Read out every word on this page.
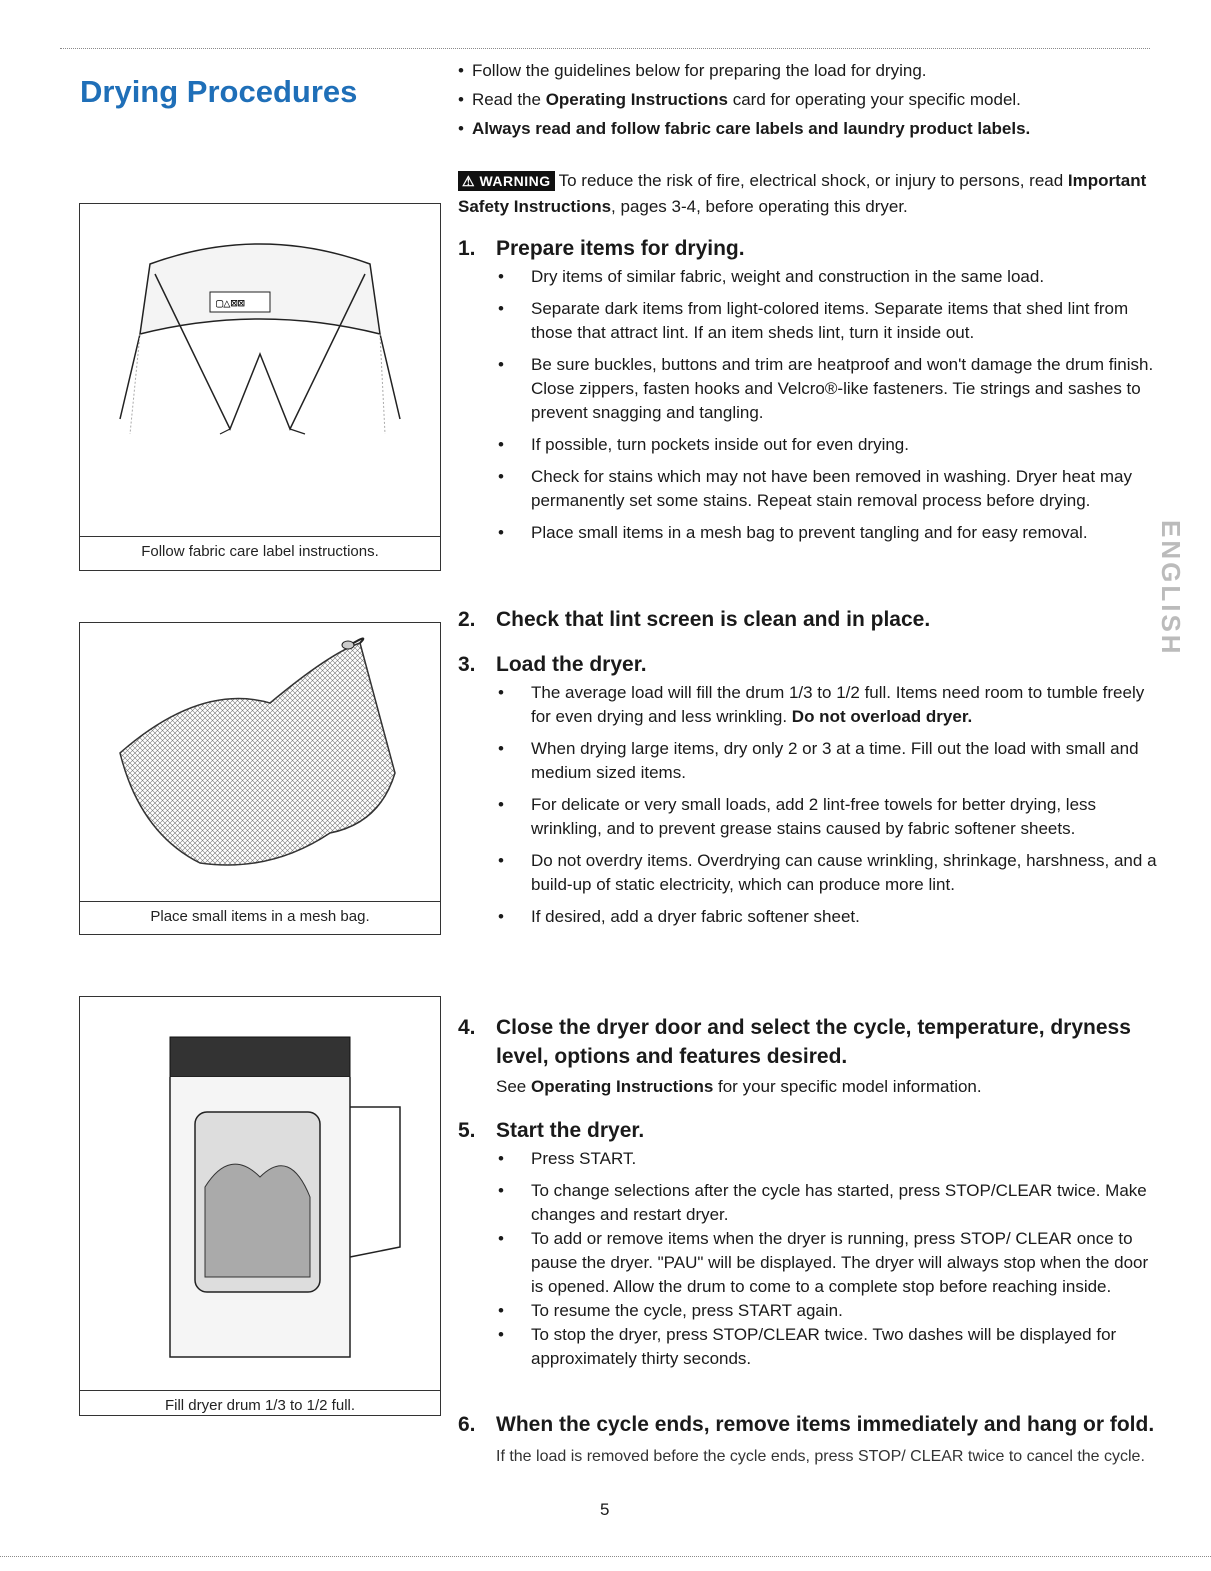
Drying Procedures
▢△⊠⊠
Follow fabric care label instructions.
Place small items in a mesh bag.
Fill dryer drum 1/3 to 1/2 full.
• Follow the guidelines below for preparing the load for drying.
• Read the Operating Instructions card for operating your specific model.
• Always read and follow fabric care labels and laundry product labels.
⚠ WARNING To reduce the risk of fire, electrical shock, or injury to persons, read Important Safety Instructions, pages 3-4, before operating this dryer.
1. Prepare items for drying.
• Dry items of similar fabric, weight and construction in the same load.
• Separate dark items from light-colored items. Separate items that shed lint from those that attract lint. If an item sheds lint, turn it inside out.
• Be sure buckles, buttons and trim are heatproof and won't damage the drum finish. Close zippers, fasten hooks and Velcro®-like fasteners. Tie strings and sashes to prevent snagging and tangling.
• If possible, turn pockets inside out for even drying.
• Check for stains which may not have been removed in washing. Dryer heat may permanently set some stains. Repeat stain removal process before drying.
• Place small items in a mesh bag to prevent tangling and for easy removal.
2. Check that lint screen is clean and in place.
3. Load the dryer.
• The average load will fill the drum 1/3 to 1/2 full. Items need room to tumble freely for even drying and less wrinkling. Do not overload dryer.
• When drying large items, dry only 2 or 3 at a time. Fill out the load with small and medium sized items.
• For delicate or very small loads, add 2 lint-free towels for better drying, less wrinkling, and to prevent grease stains caused by fabric softener sheets.
• Do not overdry items. Overdrying can cause wrinkling, shrinkage, harshness, and a build-up of static electricity, which can produce more lint.
• If desired, add a dryer fabric softener sheet.
4. Close the dryer door and select the cycle, temperature, dryness level, options and features desired.
See Operating Instructions for your specific model information.
5. Start the dryer.
• Press START.
• To change selections after the cycle has started, press STOP/CLEAR twice. Make changes and restart dryer.
• To add or remove items when the dryer is running, press STOP/ CLEAR once to pause the dryer. "PAU" will be displayed. The dryer will always stop when the door is opened. Allow the drum to come to a complete stop before reaching inside.
• To resume the cycle, press START again.
• To stop the dryer, press STOP/CLEAR twice. Two dashes will be displayed for approximately thirty seconds.
6. When the cycle ends, remove items immediately and hang or fold. If the load is removed before the cycle ends, press STOP/ CLEAR twice to cancel the cycle.
5
ENGLISH
